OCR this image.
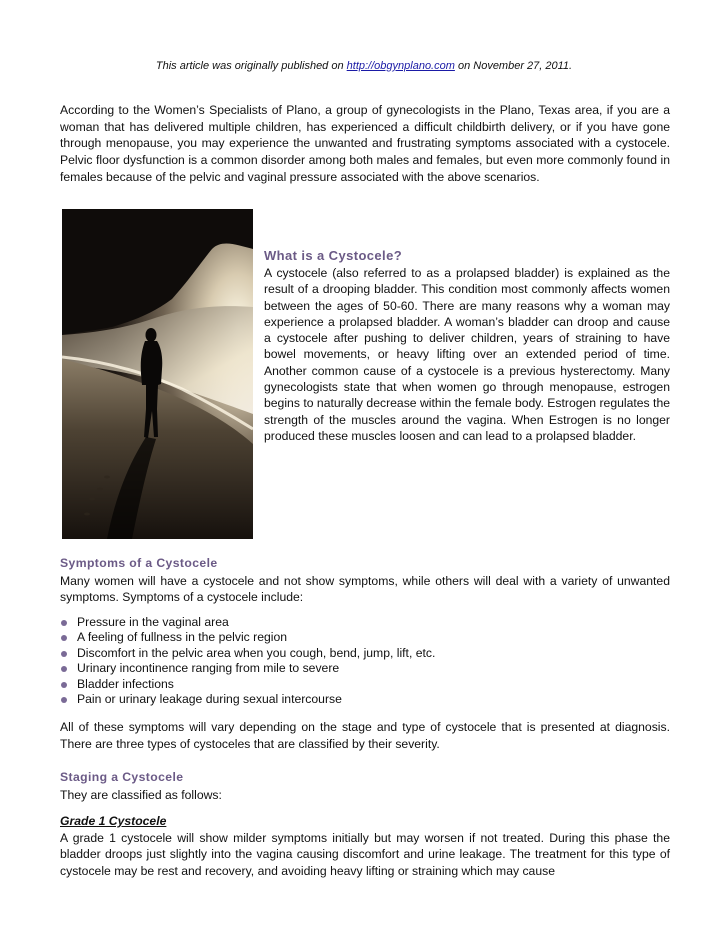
This article was originally published on http://obgynplano.com on November 27, 2011.

According to the Women’s Specialists of Plano, a group of gynecologists in the Plano, Texas area, if you are a woman that has delivered multiple children, has experienced a difficult childbirth delivery, or if you have gone through menopause, you may experience the unwanted and frustrating symptoms associated with a cystocele. Pelvic floor dysfunction is a common disorder among both males and females, but even more commonly found in females because of the pelvic and vaginal pressure associated with the above scenarios.

What is a Cystocele?

A cystocele (also referred to as a prolapsed bladder) is explained as the result of a drooping bladder. This condition most commonly affects women between the ages of 50-60. There are many reasons why a woman may experience a prolapsed bladder. A woman’s bladder can droop and cause a cystocele after pushing to deliver children, years of straining to have bowel movements, or heavy lifting over an extended period of time. Another common cause of a cystocele is a previous hysterectomy. Many gynecologists state that when women go through menopause, estrogen begins to naturally decrease within the female body. Estrogen regulates the strength of the muscles around the vagina. When Estrogen is no longer produced these muscles loosen and can lead to a prolapsed bladder.

Symptoms of a Cystocele

Many women will have a cystocele and not show symptoms, while others will deal with a variety of unwanted symptoms. Symptoms of a cystocele include:

Pressure in the vaginal area
A feeling of fullness in the pelvic region
Discomfort in the pelvic area when you cough, bend, jump, lift, etc.
Urinary incontinence ranging from mile to severe
Bladder infections
Pain or urinary leakage during sexual intercourse

All of these symptoms will vary depending on the stage and type of cystocele that is presented at diagnosis. There are three types of cystoceles that are classified by their severity.

Staging a Cystocele

They are classified as follows:

Grade 1 Cystocele

A grade 1 cystocele will show milder symptoms initially but may worsen if not treated. During this phase the bladder droops just slightly into the vagina causing discomfort and urine leakage. The treatment for this type of cystocele may be rest and recovery, and avoiding heavy lifting or straining which may cause
